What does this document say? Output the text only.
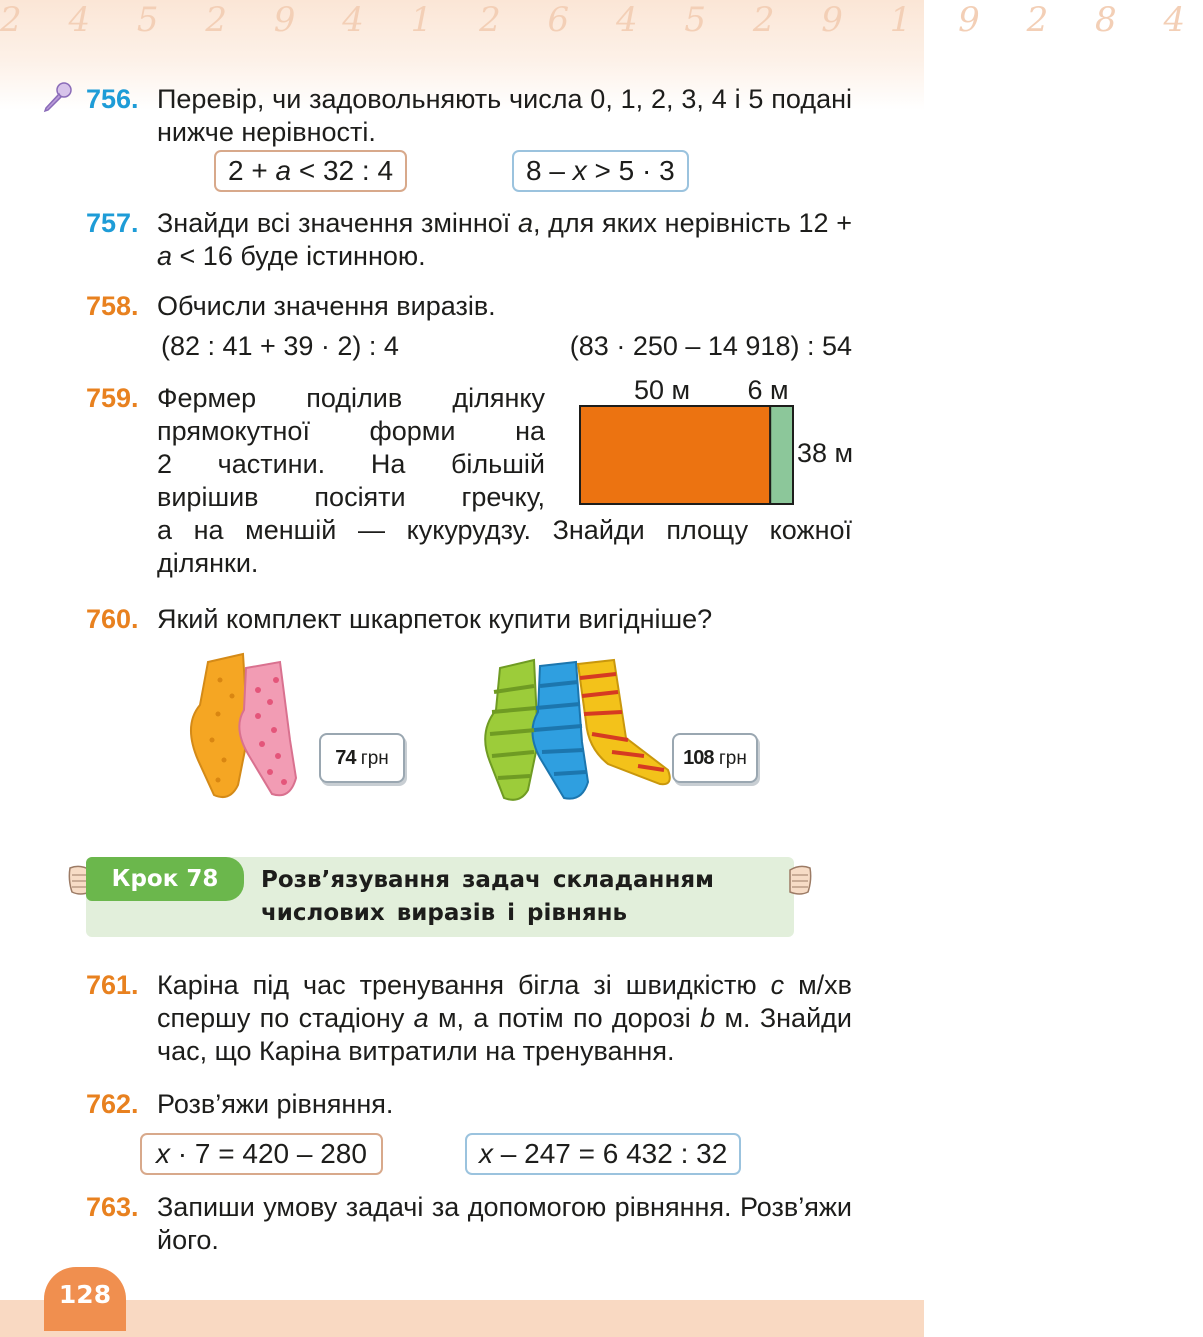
2 4 5 2 9 4 1 2 6 4 5 2 9 1 9 2 8 4
756. Перевір, чи задовольняють числа 0, 1, 2, 3, 4 і 5 подані нижче нерівності.
2 + a < 32 : 4	8 – x > 5 · 3
757. Знайди всі значення змінної a, для яких нерівність 12 + a < 16 буде істинною.
758. Обчисли значення виразів.
(82 : 41 + 39 · 2) : 4	(83 · 250 – 14 918) : 54
759. Фермер поділив ділянку
прямокутної форми на
2 частини. На більшій
вирішив посіяти гречку,
а на меншій — кукурудзу. Знайди площу кожної ділянки.
50 м 6 м
38 м
760. Який комплект шкарпеток купити вигідніше?
74 грн	108 грн
Крок 78	Розв’язування задач складанням
числових виразів і рівнянь
761. Каріна під час тренування бігла зі швидкістю c м/хв спершу по стадіону a м, а потім по дорозі b м. Знайди час, що Каріна витратили на тренування.
762. Розв’яжи рівняння.
x · 7 = 420 – 280	x – 247 = 6 432 : 32
763. Запиши умову задачі за допомогою рівняння. Розв’яжи його.
128
